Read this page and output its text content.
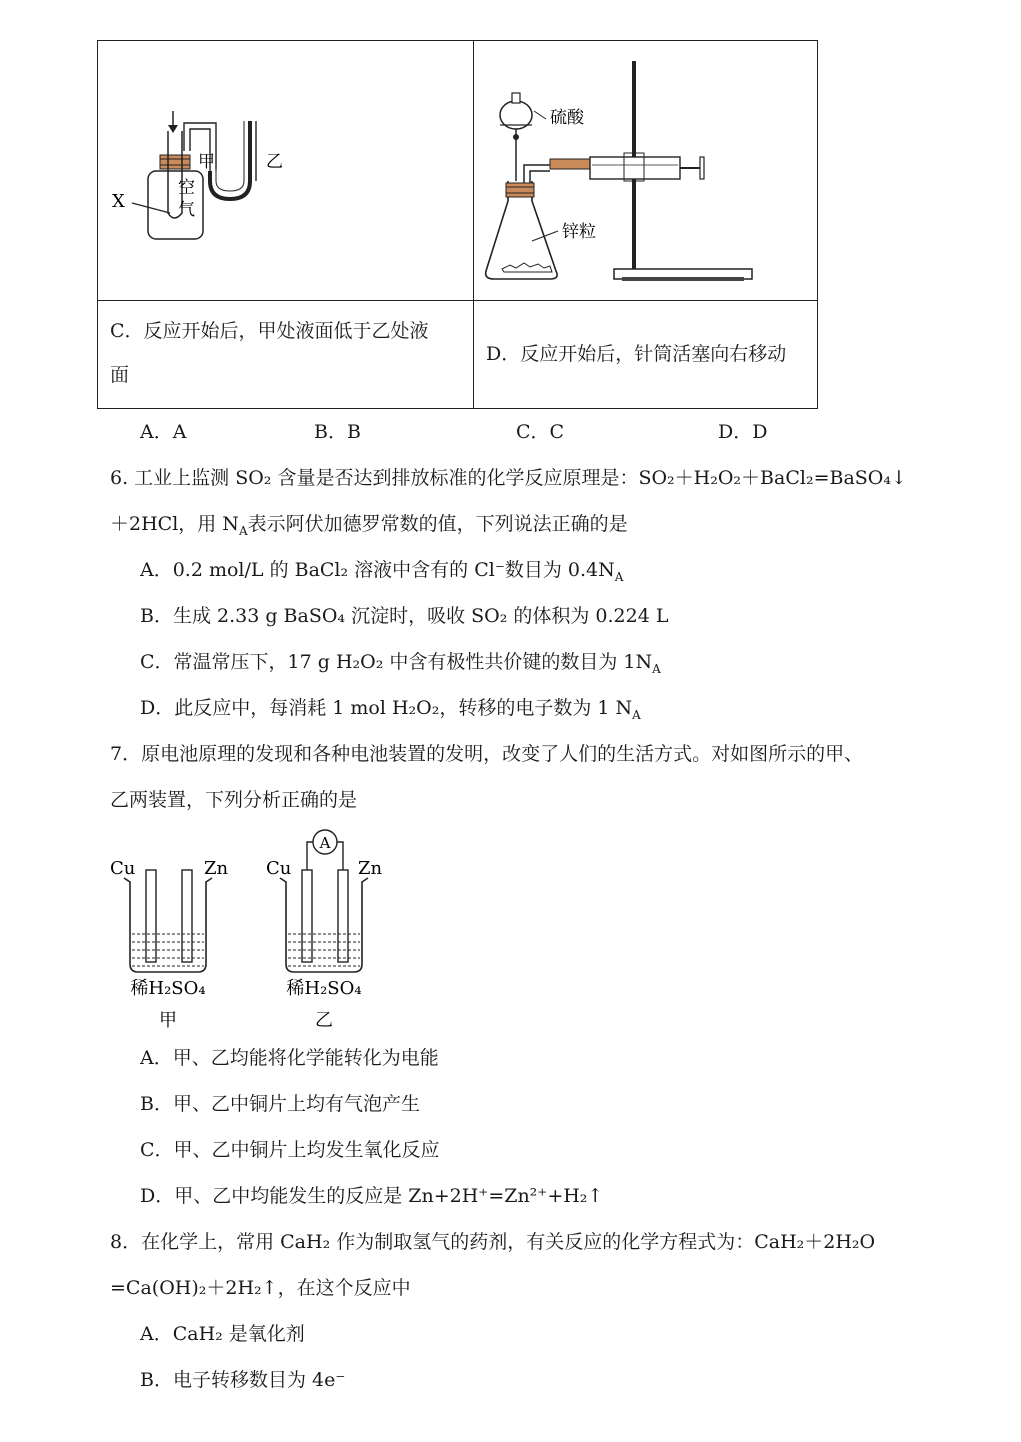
甲 乙
X
空
气	硫酸
锌粒

C．反应开始后，甲处液面低于乙处液
面	D．反应开始后，针筒活塞向右移动
A．A	B．B	C．C	D．D
6. 工业上监测 SO₂ 含量是否达到排放标准的化学反应原理是：SO₂＋H₂O₂＋BaCl₂=BaSO₄↓
＋2HCl，用 $N_A$表示阿伏加德罗常数的值，下列说法正确的是
A．0.2 mol/L 的 BaCl₂ 溶液中含有的 Cl⁻数目为 $0.4N_A$
B．生成 2.33 g BaSO₄ 沉淀时，吸收 SO₂ 的体积为 0.224 L
C．常温常压下，17 g H₂O₂ 中含有极性共价键的数目为 $1N_A$
D．此反应中，每消耗 1 mol H₂O₂，转移的电子数为 1 $N_A$
7．原电池原理的发现和各种电池装置的发明，改变了人们的生活方式。对如图所示的甲、
乙两装置，下列分析正确的是
A
Cu	Zn Cu	Zn
稀H₂SO₄	稀H₂SO₄
甲	乙
A．甲、乙均能将化学能转化为电能
B．甲、乙中铜片上均有气泡产生
C．甲、乙中铜片上均发生氧化反应
D．甲、乙中均能发生的反应是 Zn+2H⁺=Zn²⁺+H₂↑
8．在化学上，常用 CaH₂ 作为制取氢气的药剂，有关反应的化学方程式为：CaH₂＋2H₂O
=Ca(OH)₂＋2H₂↑，在这个反应中
A．CaH₂ 是氧化剂
B．电子转移数目为 4e⁻
